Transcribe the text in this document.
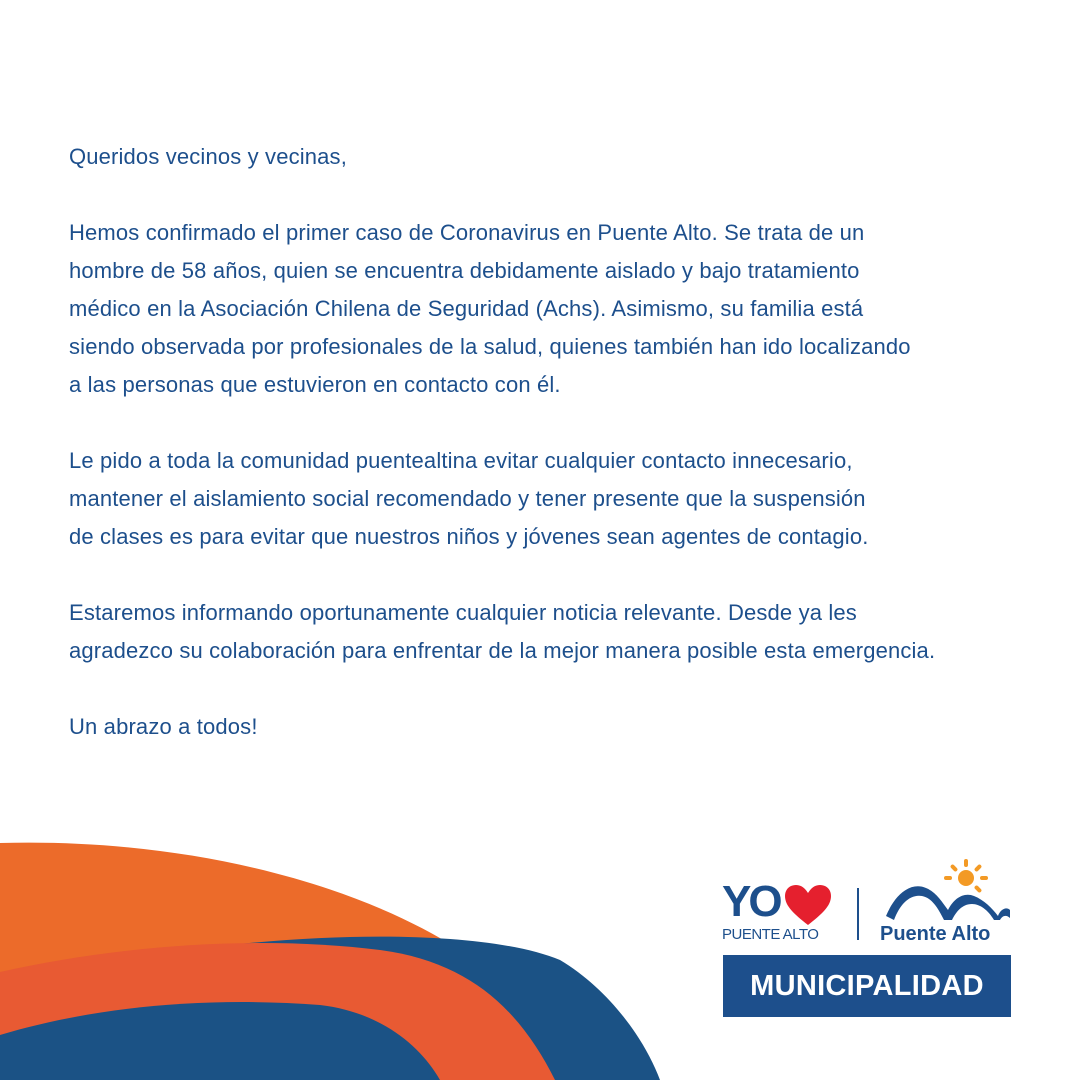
Queridos vecinos y vecinas,

Hemos confirmado el primer caso de Coronavirus en Puente Alto. Se trata de un
hombre de 58 años, quien se encuentra debidamente aislado y bajo tratamiento
médico en la Asociación Chilena de Seguridad (Achs). Asimismo, su familia está
siendo observada por profesionales de la salud, quienes también han ido localizando
a las personas que estuvieron en contacto con él.

Le pido a toda la comunidad puentealtina evitar cualquier contacto innecesario,
mantener el aislamiento social recomendado y tener presente que la suspensión
de clases es para evitar que nuestros niños y jóvenes sean agentes de contagio.

Estaremos informando oportunamente cualquier noticia relevante. Desde ya les
agradezco su colaboración para enfrentar de la mejor manera posible esta emergencia.

Un abrazo a todos!

YO
PUENTE ALTO	Puente Alto
MUNICIPALIDAD
